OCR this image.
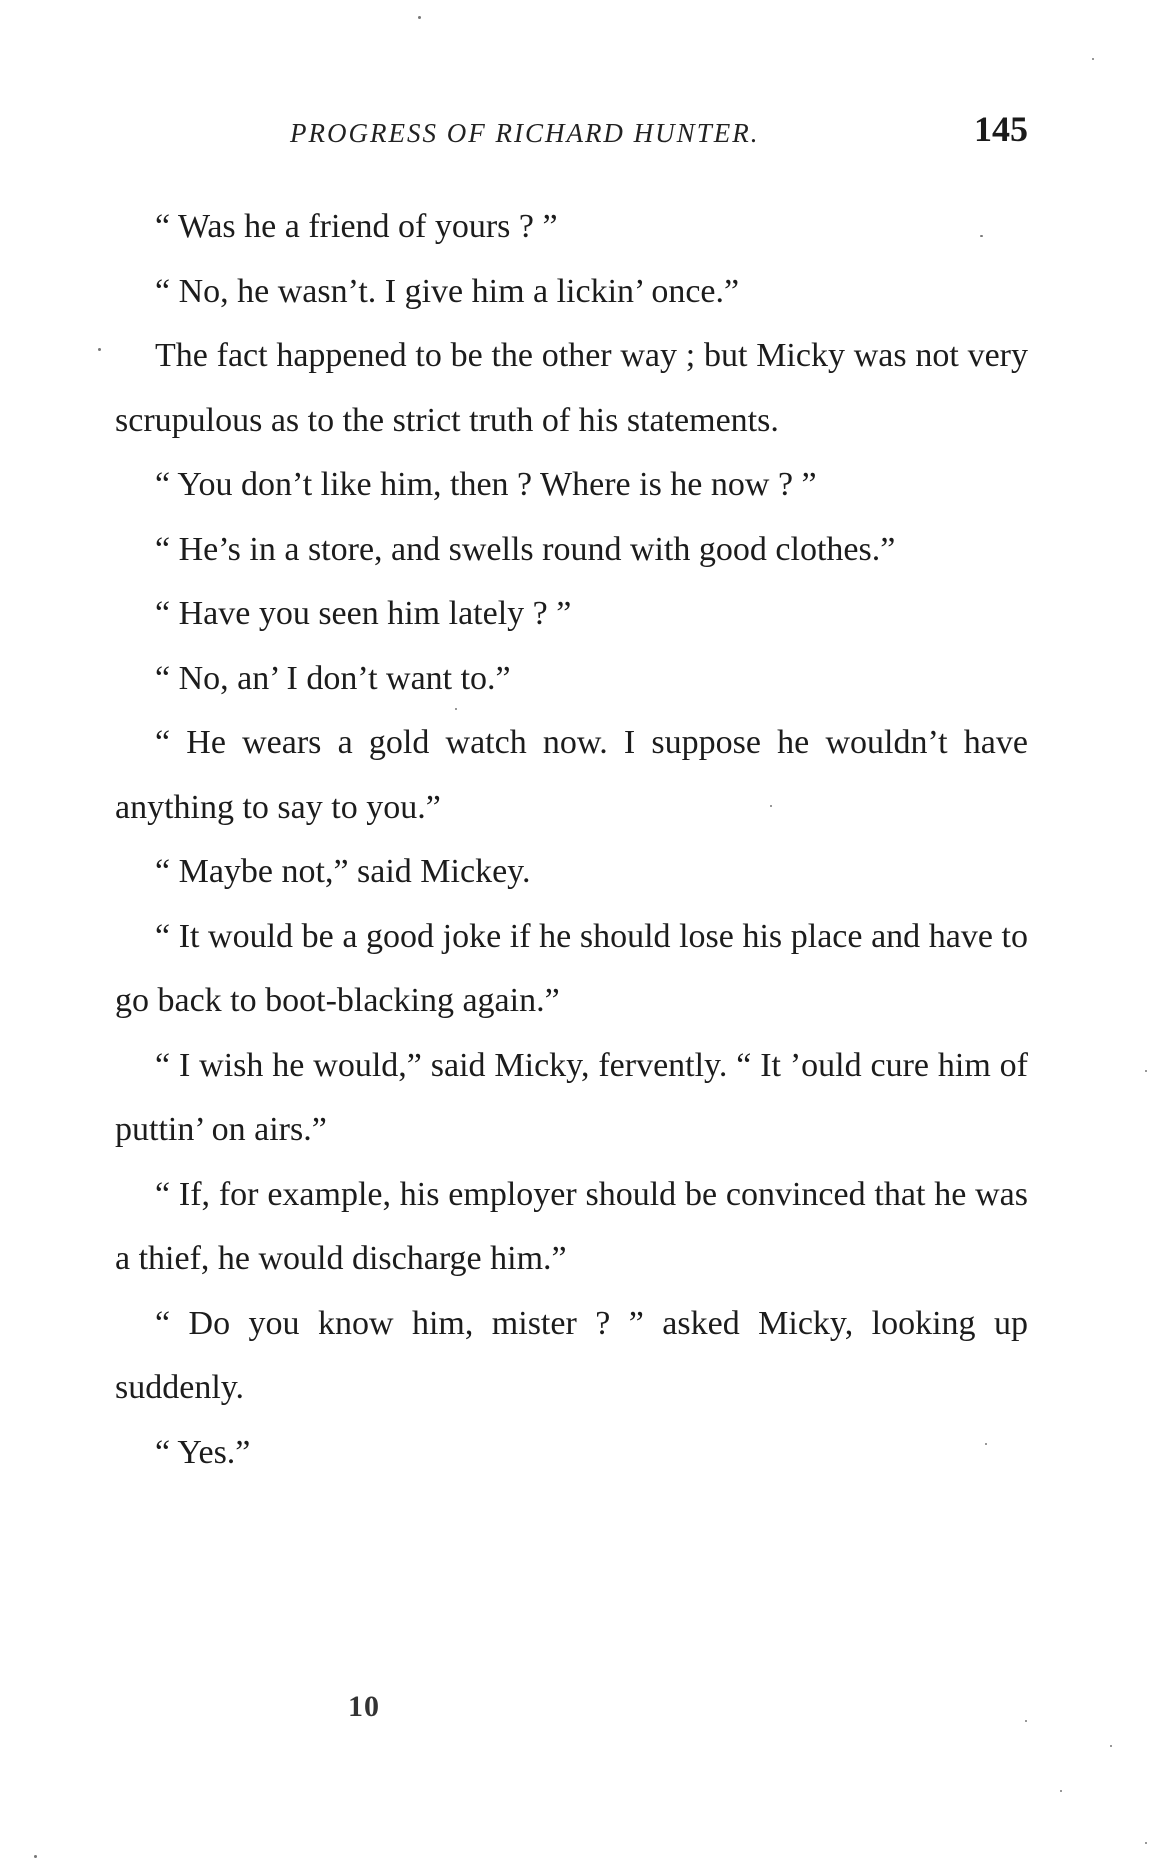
PROGRESS OF RICHARD HUNTER.	145

“ Was he a friend of yours ? ”

“ No, he wasn’t. I give him a lickin’ once.”

The fact happened to be the other way ; but Micky was not very scrupulous as to the strict truth of his statements.

“ You don’t like him, then ? Where is he now ? ”

“ He’s in a store, and swells round with good clothes.”

“ Have you seen him lately ? ”

“ No, an’ I don’t want to.”

“ He wears a gold watch now. I suppose he wouldn’t have anything to say to you.”

“ Maybe not,” said Mickey.

“ It would be a good joke if he should lose his place and have to go back to boot-blacking again.”

“ I wish he would,” said Micky, fervently. “ It ’ould cure him of puttin’ on airs.”

“ If, for example, his employer should be convinced that he was a thief, he would discharge him.”

“ Do you know him, mister ? ” asked Micky, looking up suddenly.

“ Yes.”

10
